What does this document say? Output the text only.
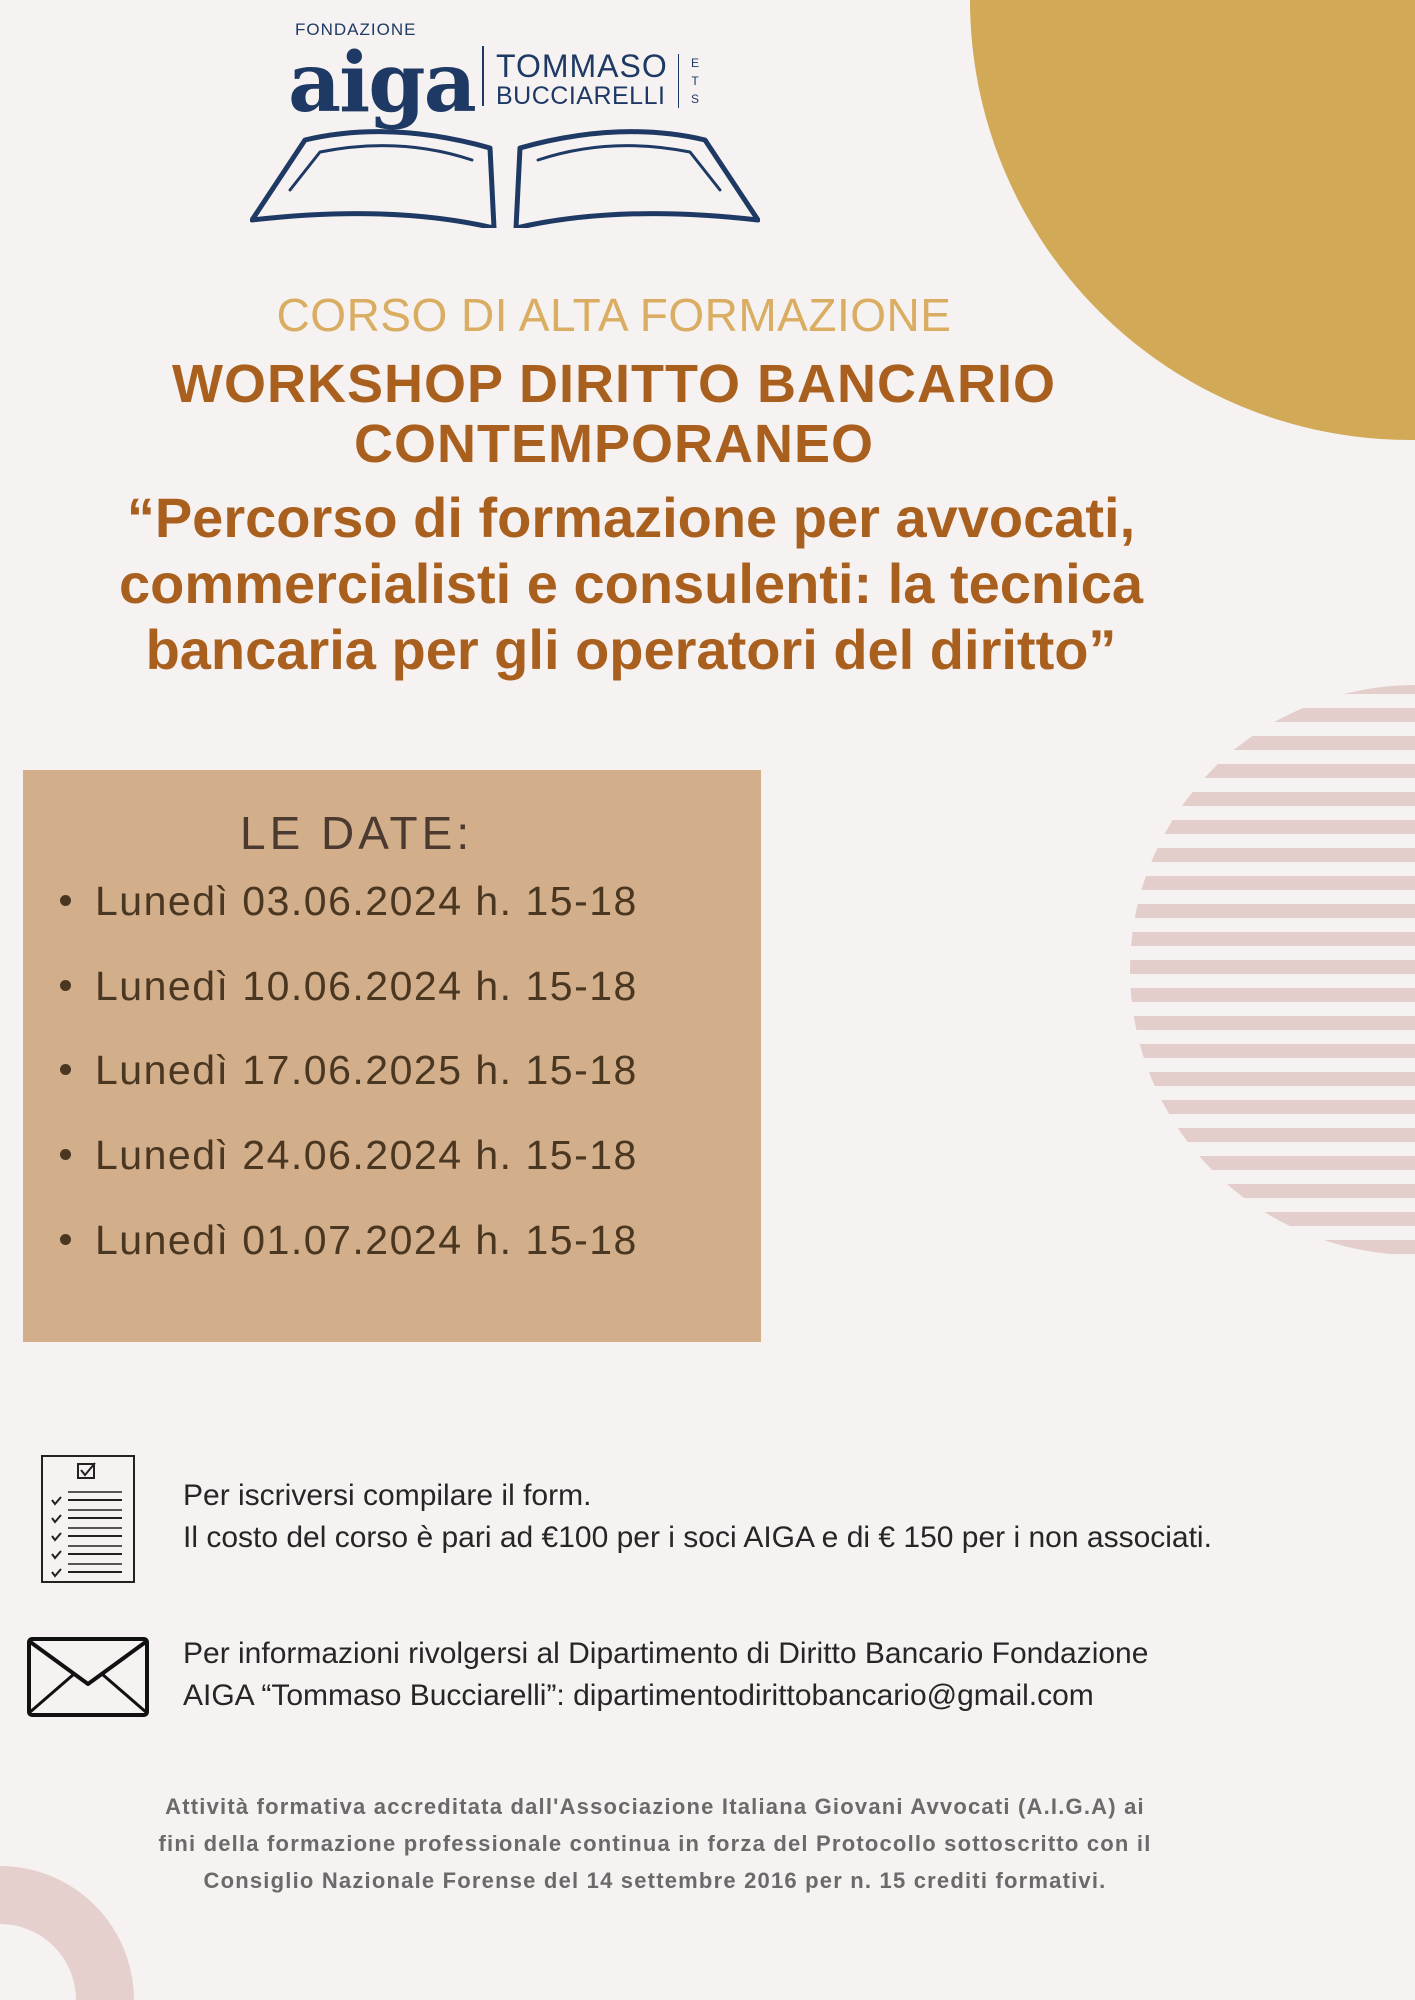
FONDAZIONE
aiga TOMMASO
BUCCIARELLI
E
T
S
CORSO DI ALTA FORMAZIONE
WORKSHOP DIRITTO BANCARIO
CONTEMPORANEO
“Percorso di formazione per avvocati,
commercialisti e consulenti: la tecnica
bancaria per gli operatori del diritto”
LE DATE:
Lunedì 03.06.2024 h. 15-18
Lunedì 10.06.2024 h. 15-18
Lunedì 17.06.2025 h. 15-18
Lunedì 24.06.2024 h. 15-18
Lunedì 01.07.2024 h. 15-18
Per iscriversi compilare il form.
Il costo del corso è pari ad €100 per i soci AIGA e di € 150 per i non associati.
Per informazioni rivolgersi al Dipartimento di Diritto Bancario Fondazione
AIGA “Tommaso Bucciarelli”: dipartimentodirittobancario@gmail.com
Attività formativa accreditata dall'Associazione Italiana Giovani Avvocati (A.I.G.A) ai
fini della formazione professionale continua in forza del Protocollo sottoscritto con il
Consiglio Nazionale Forense del 14 settembre 2016 per n. 15 crediti formativi.
